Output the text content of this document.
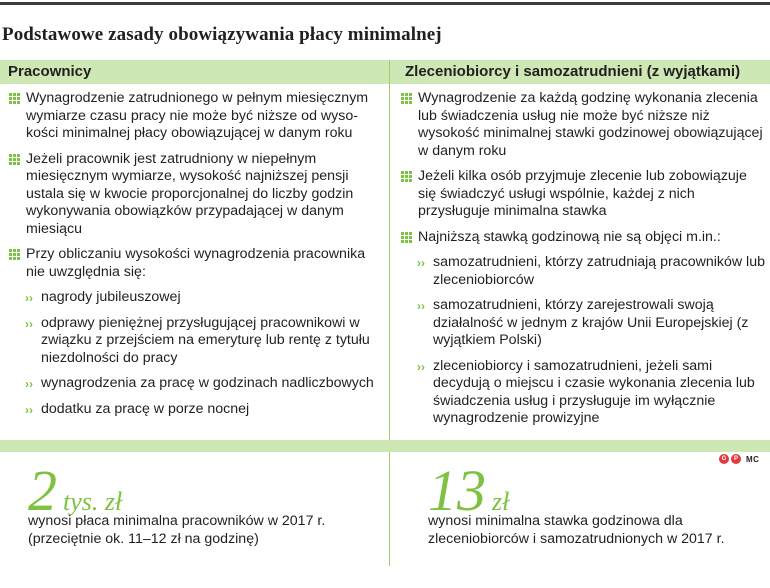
Podstawowe zasady obowiązywania płacy minimalnej
Pracownicy	Zleceniobiorcy i samozatrudnieni (z wyjątkami)
Wynagrodzenie zatrudnionego w pełnym miesięcznym wymiarze czasu pracy nie może być niższe od wysokości minimalnej płacy obowiązującej w danym roku
Jeżeli pracownik jest zatrudniony w niepełnym miesięcznym wymiarze, wysokość najniższej pensji ustala się w kwocie proporcjonalnej do liczby godzin wykonywania obowiązków przypadającej w danym miesiącu
Przy obliczaniu wysokości wynagrodzenia pracownika nie uwzględnia się:
›› nagrody jubileuszowej
›› odprawy pieniężnej przysługującej pracownikowi w związku z przejściem na emeryturę lub rentę z tytułu niezdolności do pracy
›› wynagrodzenia za pracę w godzinach nadliczbowych
›› dodatku za pracę w porze nocnej
Wynagrodzenie za każdą godzinę wykonania zlecenia lub świadczenia usług nie może być niższe niż wysokość minimalnej stawki godzinowej obowiązującej w danym roku
Jeżeli kilka osób przyjmuje zlecenie lub zobowiązuje się świadczyć usługi wspólnie, każdej z nich przysługuje minimalna stawka
Najniższą stawką godzinową nie są objęci m.in.:
›› samozatrudnieni, którzy zatrudniają pracowników lub zleceniobiorców
›› samozatrudnieni, którzy zarejestrowali swoją działalność w jednym z krajów Unii Europejskiej (z wyjątkiem Polski)
›› zleceniobiorcy i samozatrudnieni, jeżeli sami decydują o miejscu i czasie wykonania zlecenia lub świadczenia usług i przysługuje im wyłącznie wynagrodzenie prowizyjne
2 tys. zł
wynosi płaca minimalna pracowników w 2017 r. (przeciętnie ok. 11–12 zł na godzinę)
13 zł
wynosi minimalna stawka godzinowa dla zleceniobiorców i samozatrudnionych w 2017 r.
G	P	MC
